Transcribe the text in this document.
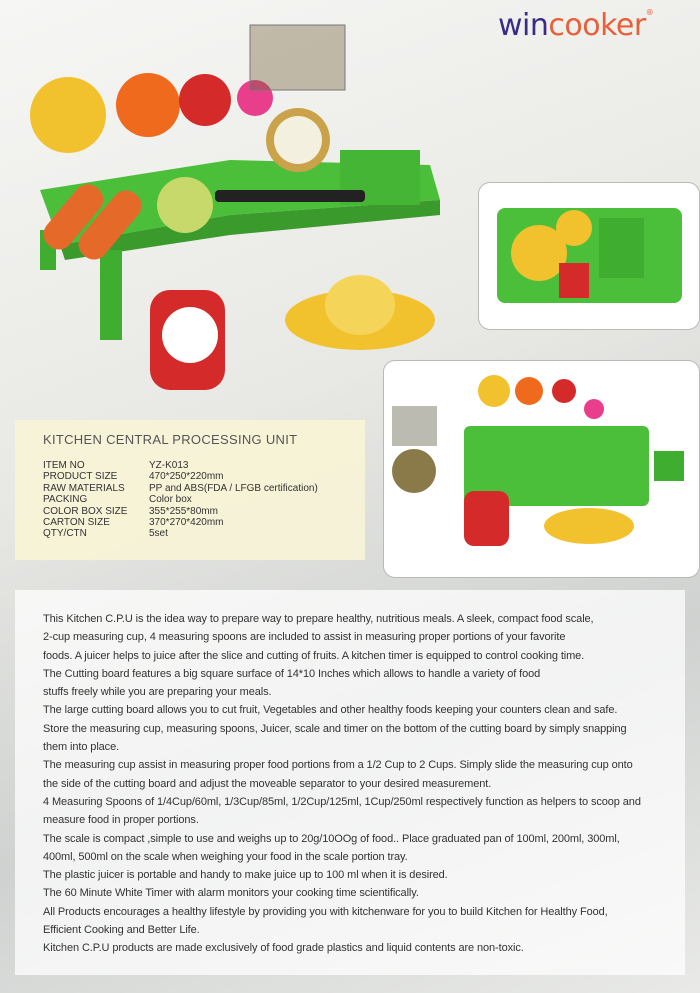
wincooker®
KITCHEN CENTRAL PROCESSING UNIT
ITEM NO	YZ-K013
PRODUCT SIZE	470*250*220mm
RAW MATERIALS	PP and ABS(FDA / LFGB certification)
PACKING	Color box
COLOR BOX SIZE	355*255*80mm
CARTON SIZE	370*270*420mm
QTY/CTN	5set

This Kitchen C.P.U is the idea way to prepare way to prepare healthy, nutritious meals. A sleek, compact food scale,

2-cup measuring cup, 4 measuring spoons are included to assist in measuring proper portions of your favorite

foods. A juicer helps to juice after the slice and cutting of fruits. A kitchen timer is equipped to control cooking time.

The Cutting board features a big square surface of 14*10 Inches which allows to handle a variety of food

stuffs freely while you are preparing your meals.

The large cutting board allows you to cut fruit, Vegetables and other healthy foods keeping your counters clean and safe.

Store the measuring cup, measuring spoons, Juicer, scale and timer on the bottom of the cutting board by simply snapping

them into place.

The measuring cup assist in measuring proper food portions from a 1/2 Cup to 2 Cups. Simply slide the measuring cup onto

the side of the cutting board and adjust the moveable separator to your desired measurement.

4 Measuring Spoons of 1/4Cup/60ml, 1/3Cup/85ml, 1/2Cup/125ml, 1Cup/250ml respectively function as helpers to scoop and

measure food in proper portions.

The scale is compact ,simple to use and weighs up to 20g/10OOg of food.. Place graduated pan of 100ml, 200ml, 300ml,

400ml, 500ml on the scale when weighing your food in the scale portion tray.

The plastic juicer is portable and handy to make juice up to 100 ml when it is desired.

The 60 Minute White Timer with alarm monitors your cooking time scientifically.

All Products encourages a healthy lifestyle by providing you with kitchenware for you to build Kitchen for Healthy Food,

Efficient Cooking and Better Life.

Kitchen C.P.U products are made exclusively of food grade plastics and liquid contents are non-toxic.
